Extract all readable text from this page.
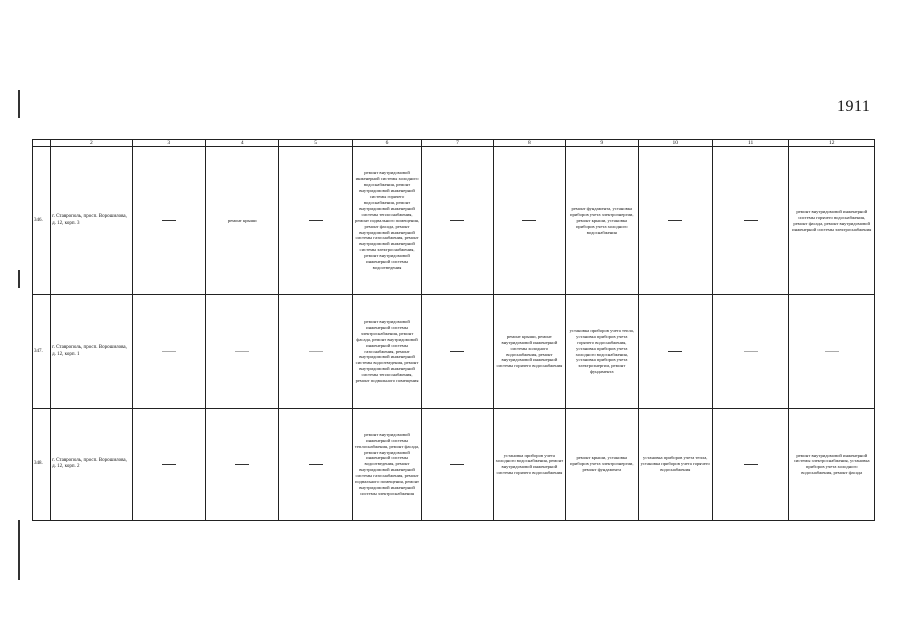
1911
	2	3	4	5	6	7	8	9	10	11	12
346.	г. Ставрополь, просп. Ворошилова, д. 12, корп. 3		ремонт крыши		ремонт внутридомовой инженерной системы холодного водоснабжения, ремонт внутридомовой инженерной системы горячего водоснабжения, ремонт внутридомовой инженерной системы теплоснабжения, ремонт подвального помещения, ремонт фасада, ремонт внутридомовой инженерной системы газоснабжения, ремонт внутридомовой инженерной системы электроснабжения, ремонт внутридомовой инженерной системы водоотведения			ремонт фундамента, установка приборов учета электроэнергии, ремонт крыши, установка приборов учета холодного водоснабжения			ремонт внутридомовой инженерной системы горячего водоснабжения, ремонт фасада, ремонт внутридомовой инженерной системы электроснабжения
347.	г. Ставрополь, просп. Ворошилова, д. 12, корп. 1				ремонт внутридомовой инженерной системы электроснабжения, ремонт фасада, ремонт внутридомовой инженерной системы газоснабжения, ремонт внутридомовой инженерной системы водоотведения, ремонт внутридомовой инженерной системы теплоснабжения, ремонт подвального помещения		ремонт крыши, ремонт внутридомовой инженерной системы холодного водоснабжения, ремонт внутридомовой инженерной системы горячего водоснабжения	установка приборов учета тепла, установка приборов учета горячего водоснабжения, установка приборов учета холодного водоснабжения, установка приборов учета электроэнергии, ремонт фундамента			
348.	г. Ставрополь, просп. Ворошилова, д. 12, корп. 2				ремонт внутридомовой инженерной системы теплоснабжения, ремонт фасада, ремонт внутридомовой инженерной системы водоотведения, ремонт внутридомовой инженерной системы газоснабжения, ремонт подвального помещения, ремонт внутридомовой инженерной системы электроснабжения		установка приборов учета холодного водоснабжения, ремонт внутридомовой инженерной системы горячего водоснабжения	ремонт крыши, установка приборов учета электроэнергии, ремонт фундамента	установка приборов учета тепла, установка приборов учета горячего водоснабжения		ремонт внутридомовой инженерной системы электроснабжения, установка приборов учета холодного водоснабжения, ремонт фасада
